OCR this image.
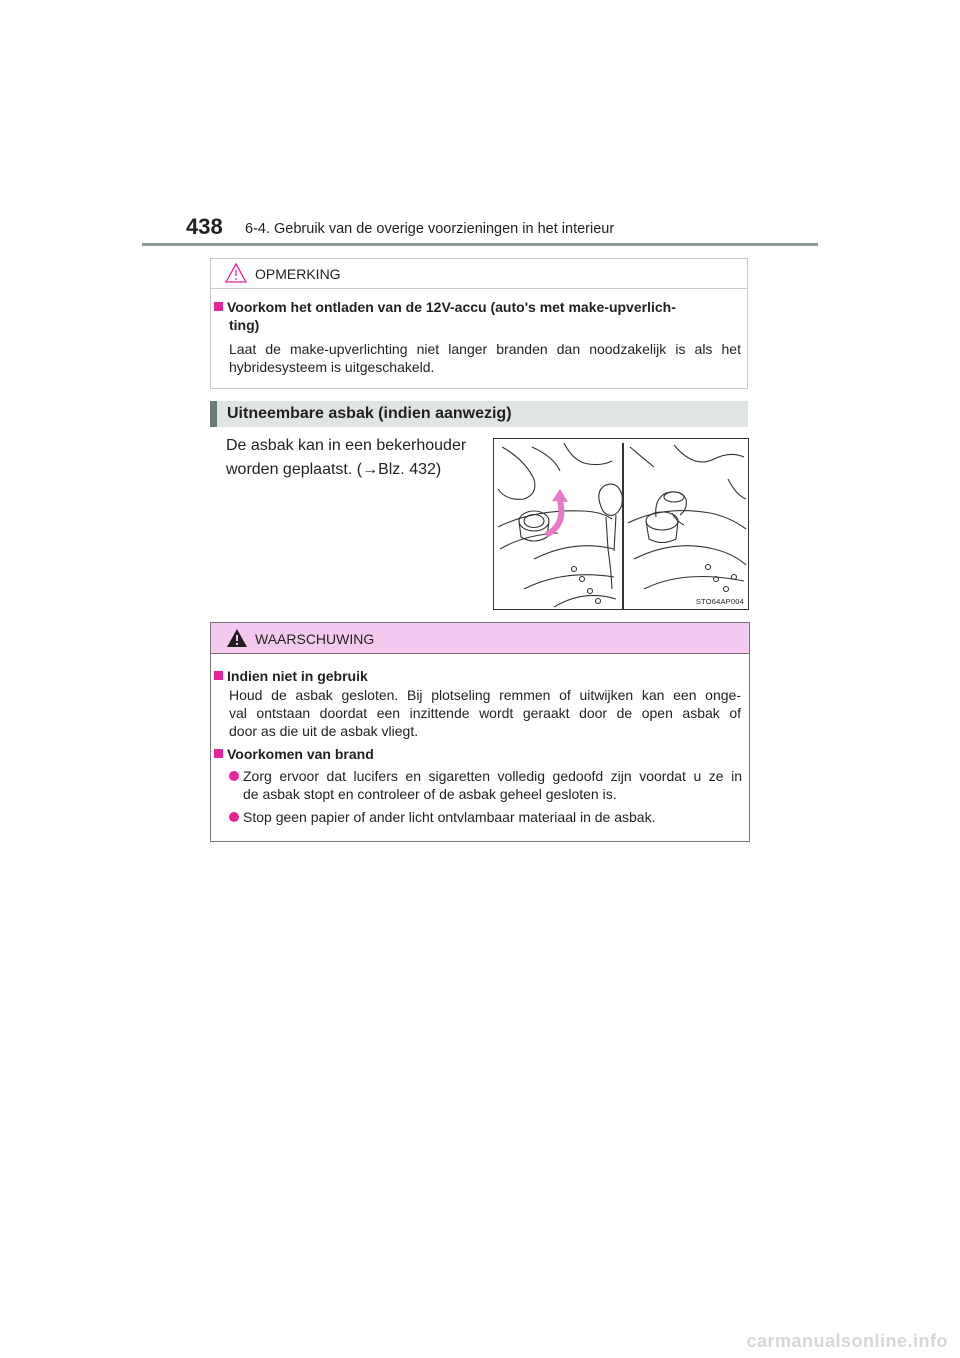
438 6-4. Gebruik van de overige voorzieningen in het interieur
OPMERKING
Voorkom het ontladen van de 12V-accu (auto's met make-upverlich-
ting)
Laat de make-upverlichting niet langer branden dan noodzakelijk is als het
hybridesysteem is uitgeschakeld.
Uitneembare asbak (indien aanwezig)
De asbak kan in een bekerhouder
worden geplaatst. (→Blz. 432)
STO64AP004
WAARSCHUWING
Indien niet in gebruik
Houd de asbak gesloten. Bij plotseling remmen of uitwijken kan een onge-
val ontstaan doordat een inzittende wordt geraakt door de open asbak of
door as die uit de asbak vliegt.
Voorkomen van brand
Zorg ervoor dat lucifers en sigaretten volledig gedoofd zijn voordat u ze in
de asbak stopt en controleer of de asbak geheel gesloten is.
Stop geen papier of ander licht ontvlambaar materiaal in de asbak.
carmanualsonline.info
